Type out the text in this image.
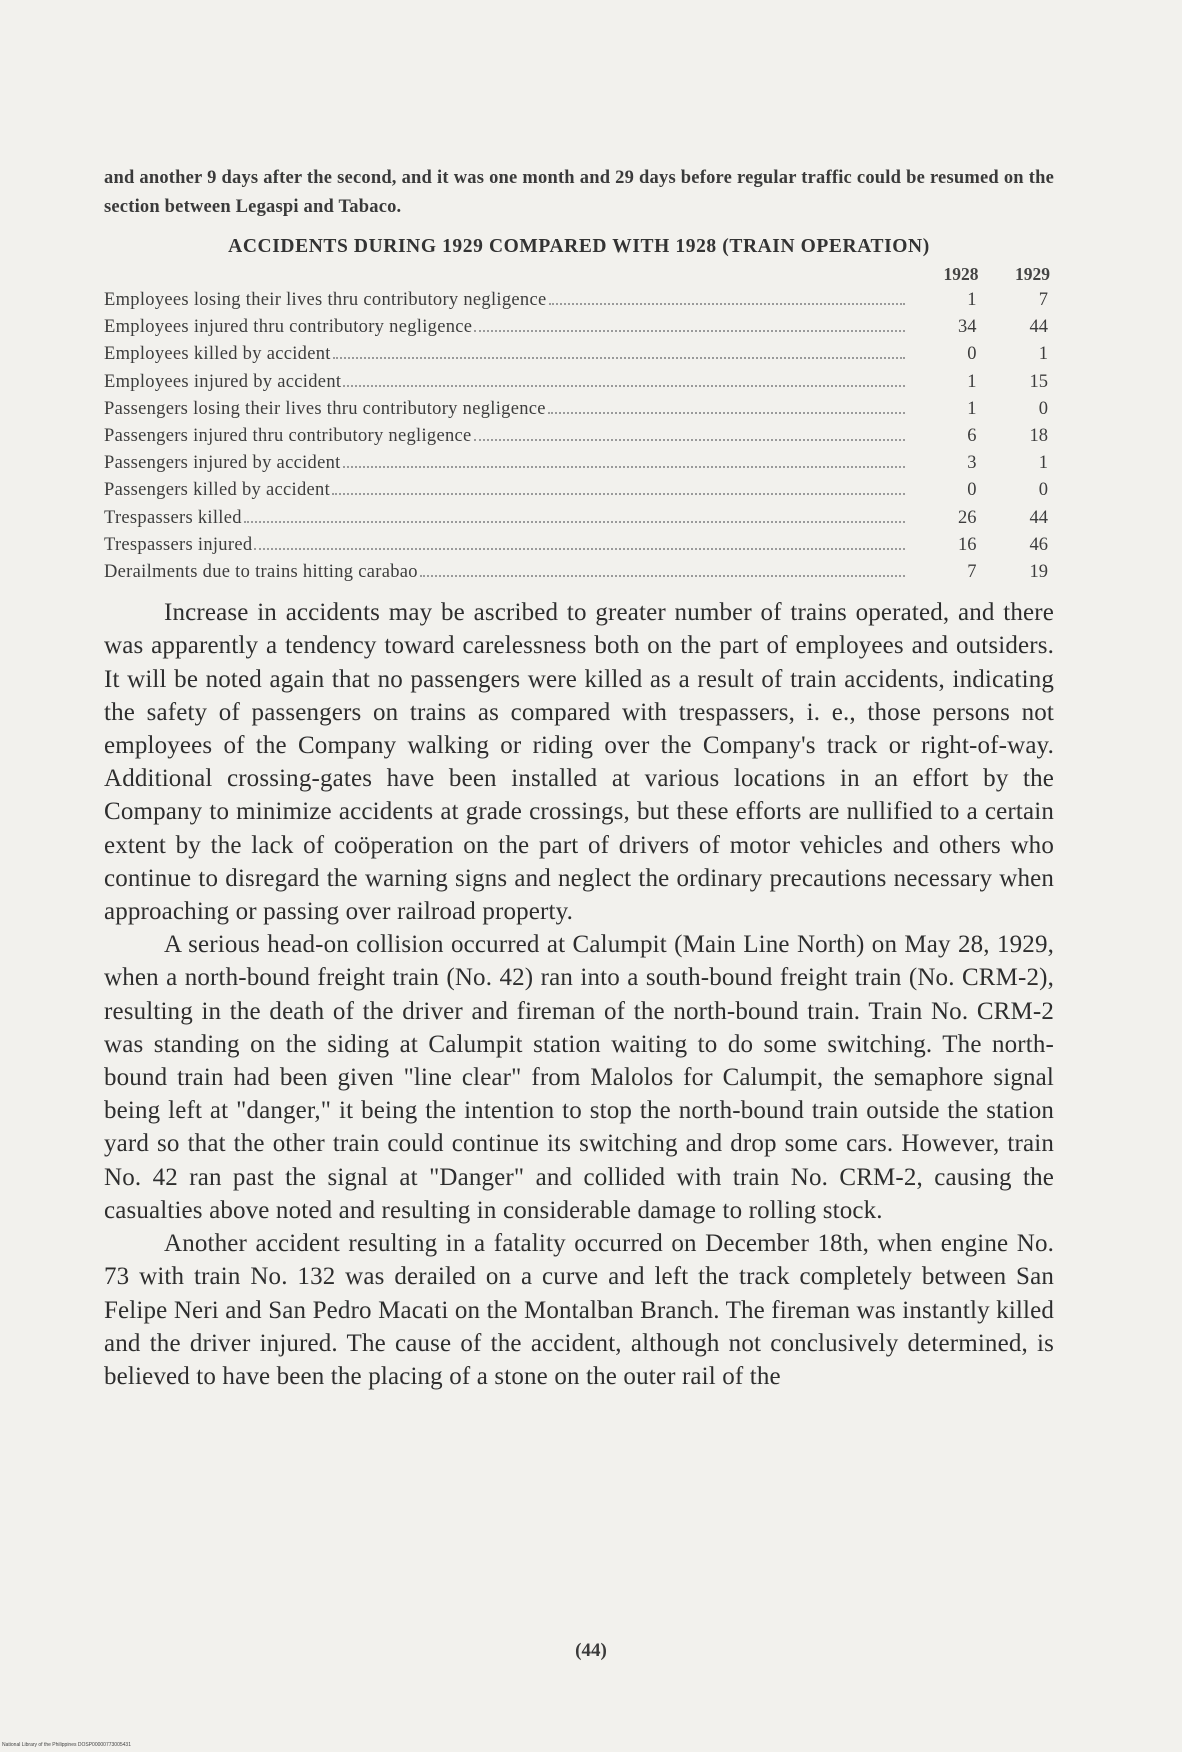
and another 9 days after the second, and it was one month and 29 days before regular traffic could be resumed on the section between Legaspi and Tabaco.

ACCIDENTS DURING 1929 COMPARED WITH 1928 (TRAIN OPERATION)
	1928	1929

Employees losing their lives thru contributory negligence	1	7

Employees injured thru contributory negligence	34	44

Employees killed by accident	0	1

Employees injured by accident	1	15

Passengers losing their lives thru contributory negligence	1	0

Passengers injured thru contributory negligence	6	18

Passengers injured by accident	3	1

Passengers killed by accident	0	0

Trespassers killed	26	44

Trespassers injured	16	46

Derailments due to trains hitting carabao	7	19

Increase in accidents may be ascribed to greater number of trains operated, and there was apparently a tendency toward carelessness both on the part of employees and outsiders. It will be noted again that no passengers were killed as a result of train accidents, indicating the safety of passengers on trains as compared with trespassers, i. e., those persons not employees of the Company walking or riding over the Company's track or right-of-way. Additional crossing-gates have been installed at various locations in an effort by the Company to minimize accidents at grade crossings, but these efforts are nullified to a certain extent by the lack of coöperation on the part of drivers of motor vehicles and others who continue to disregard the warning signs and neglect the ordinary precautions necessary when approaching or passing over railroad property.

A serious head-on collision occurred at Calumpit (Main Line North) on May 28, 1929, when a north-bound freight train (No. 42) ran into a south-bound freight train (No. CRM-2), resulting in the death of the driver and fireman of the north-bound train. Train No. CRM-2 was standing on the siding at Calumpit station waiting to do some switching. The north-bound train had been given "line clear" from Malolos for Calumpit, the semaphore signal being left at "danger," it being the intention to stop the north-bound train outside the station yard so that the other train could continue its switching and drop some cars. However, train No. 42 ran past the signal at "Danger" and collided with train No. CRM-2, causing the casualties above noted and resulting in considerable damage to rolling stock.

Another accident resulting in a fatality occurred on December 18th, when engine No. 73 with train No. 132 was derailed on a curve and left the track completely between San Felipe Neri and San Pedro Macati on the Montalban Branch. The fireman was instantly killed and the driver injured. The cause of the accident, although not conclusively determined, is believed to have been the placing of a stone on the outer rail of the

(44)
National Library of the Philippines DOSP00000773005431
